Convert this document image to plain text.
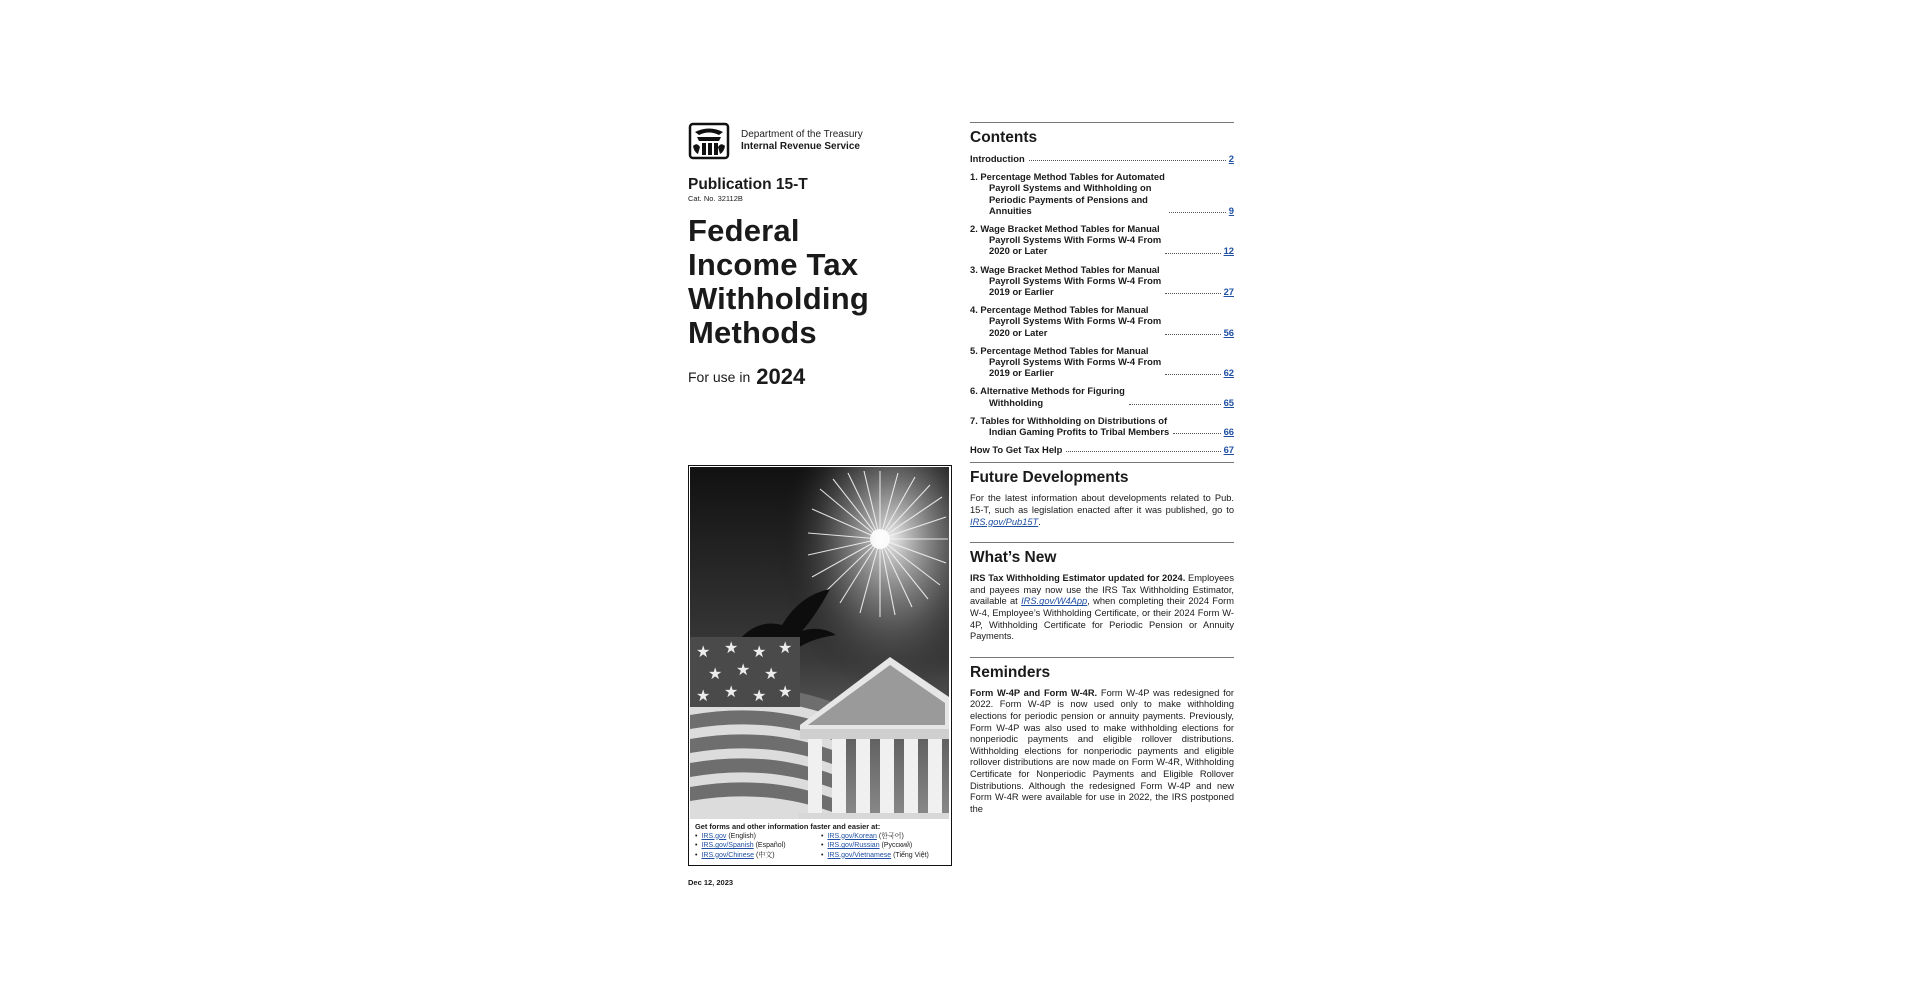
Department of the Treasury
Internal Revenue Service
Publication 15-T
Cat. No. 32112B
Federal
Income Tax
Withholding
Methods
For use in 2024
★ ★ ★ ★
★ ★ ★
★ ★ ★ ★
Get forms and other information faster and easier at:
• IRS.gov (English)
• IRS.gov/Spanish (Español)
• IRS.gov/Chinese (中文)
• IRS.gov/Korean (한국어)
• IRS.gov/Russian (Русский)
• IRS.gov/Vietnamese (Tiếng Việt)
Dec 12, 2023
Contents
Introduction	2
1. Percentage Method Tables for Automated
Payroll Systems and Withholding on
Periodic Payments of Pensions and
Annuities	9
2. Wage Bracket Method Tables for Manual
Payroll Systems With Forms W-4 From
2020 or Later	12
3. Wage Bracket Method Tables for Manual
Payroll Systems With Forms W-4 From
2019 or Earlier	27
4. Percentage Method Tables for Manual
Payroll Systems With Forms W-4 From
2020 or Later	56
5. Percentage Method Tables for Manual
Payroll Systems With Forms W-4 From
2019 or Earlier	62
6. Alternative Methods for Figuring
Withholding	65
7. Tables for Withholding on Distributions of
Indian Gaming Profits to Tribal Members	66
How To Get Tax Help	67
Future Developments

For the latest information about developments related to Pub. 15-T, such as legislation enacted after it was published, go to IRS.gov/Pub15T.

What’s New

IRS Tax Withholding Estimator updated for 2024. Employees and payees may now use the IRS Tax Withholding Estimator, available at IRS.gov/W4App, when completing their 2024 Form W-4, Employee’s Withholding Certificate, or their 2024 Form W-4P, Withholding Certificate for Periodic Pension or Annuity Payments.

Reminders

Form W-4P and Form W-4R. Form W-4P was redesigned for 2022. Form W-4P is now used only to make withholding elections for periodic pension or annuity payments. Previously, Form W-4P was also used to make withholding elections for nonperiodic payments and eligible rollover distributions. Withholding elections for nonperiodic payments and eligible rollover distributions are now made on Form W-4R, Withholding Certificate for Nonperiodic Payments and Eligible Rollover Distributions. Although the redesigned Form W-4P and new Form W-4R were available for use in 2022, the IRS postponed the
